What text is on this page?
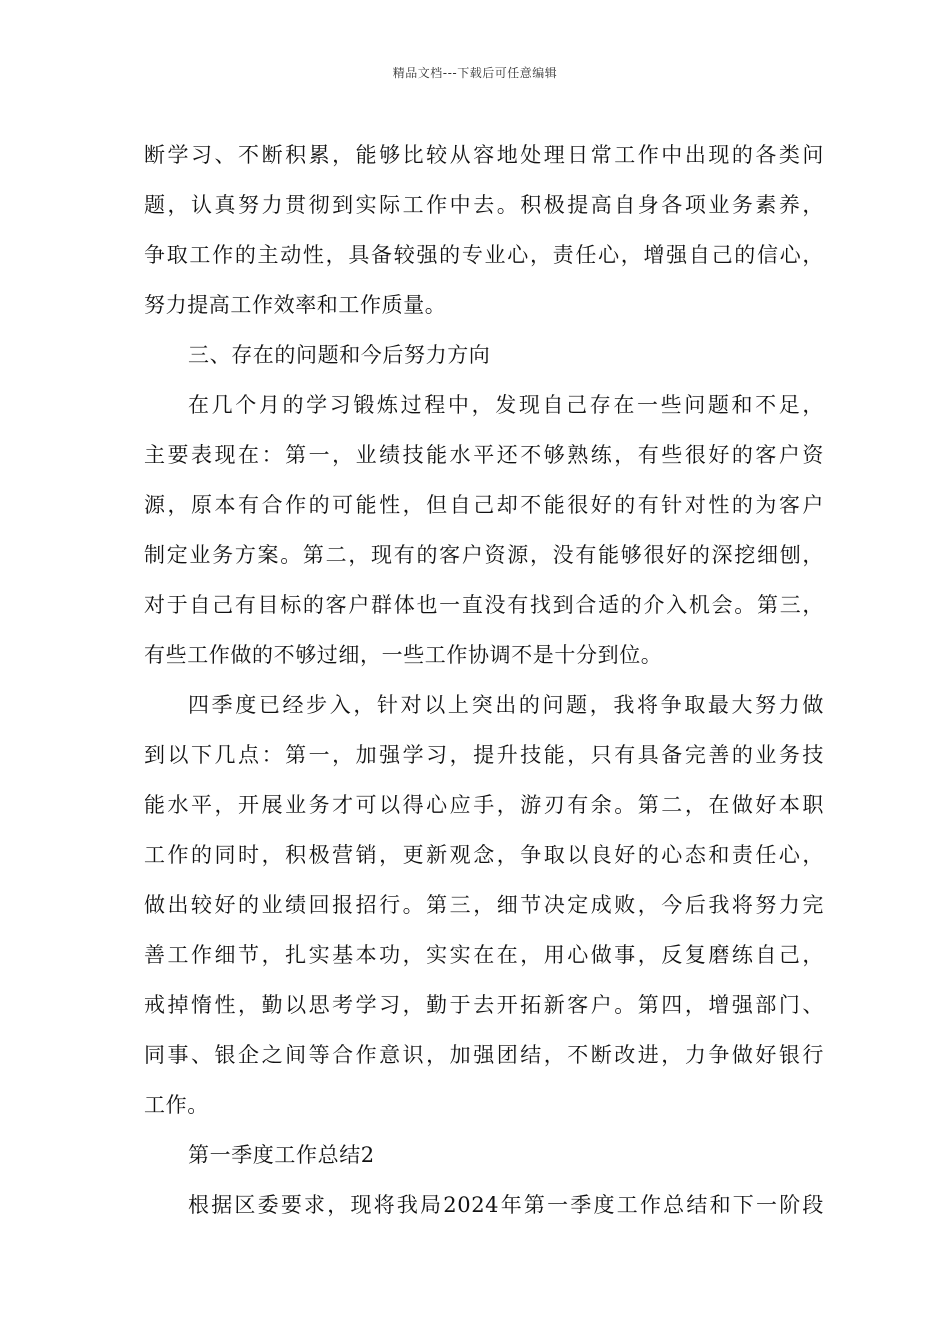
精品文档---下载后可任意编辑
断学习、不断积累，能够比较从容地处理日常工作中出现的各类问
题，认真努力贯彻到实际工作中去。积极提高自身各项业务素养，
争取工作的主动性，具备较强的专业心，责任心，增强自己的信心，
努力提高工作效率和工作质量。
三、存在的问题和今后努力方向
在几个月的学习锻炼过程中，发现自己存在一些问题和不足，
主要表现在：第一，业绩技能水平还不够熟练，有些很好的客户资
源，原本有合作的可能性，但自己却不能很好的有针对性的为客户
制定业务方案。第二，现有的客户资源，没有能够很好的深挖细刨，
对于自己有目标的客户群体也一直没有找到合适的介入机会。第三，
有些工作做的不够过细，一些工作协调不是十分到位。
四季度已经步入，针对以上突出的问题，我将争取最大努力做
到以下几点：第一，加强学习，提升技能，只有具备完善的业务技
能水平，开展业务才可以得心应手，游刃有余。第二，在做好本职
工作的同时，积极营销，更新观念，争取以良好的心态和责任心，
做出较好的业绩回报招行。第三，细节决定成败，今后我将努力完
善工作细节，扎实基本功，实实在在，用心做事，反复磨练自己，
戒掉惰性，勤以思考学习，勤于去开拓新客户。第四，增强部门、
同事、银企之间等合作意识，加强团结，不断改进，力争做好银行
工作。
第一季度工作总结2
根据区委要求，现将我局2024年第一季度工作总结和下一阶段
